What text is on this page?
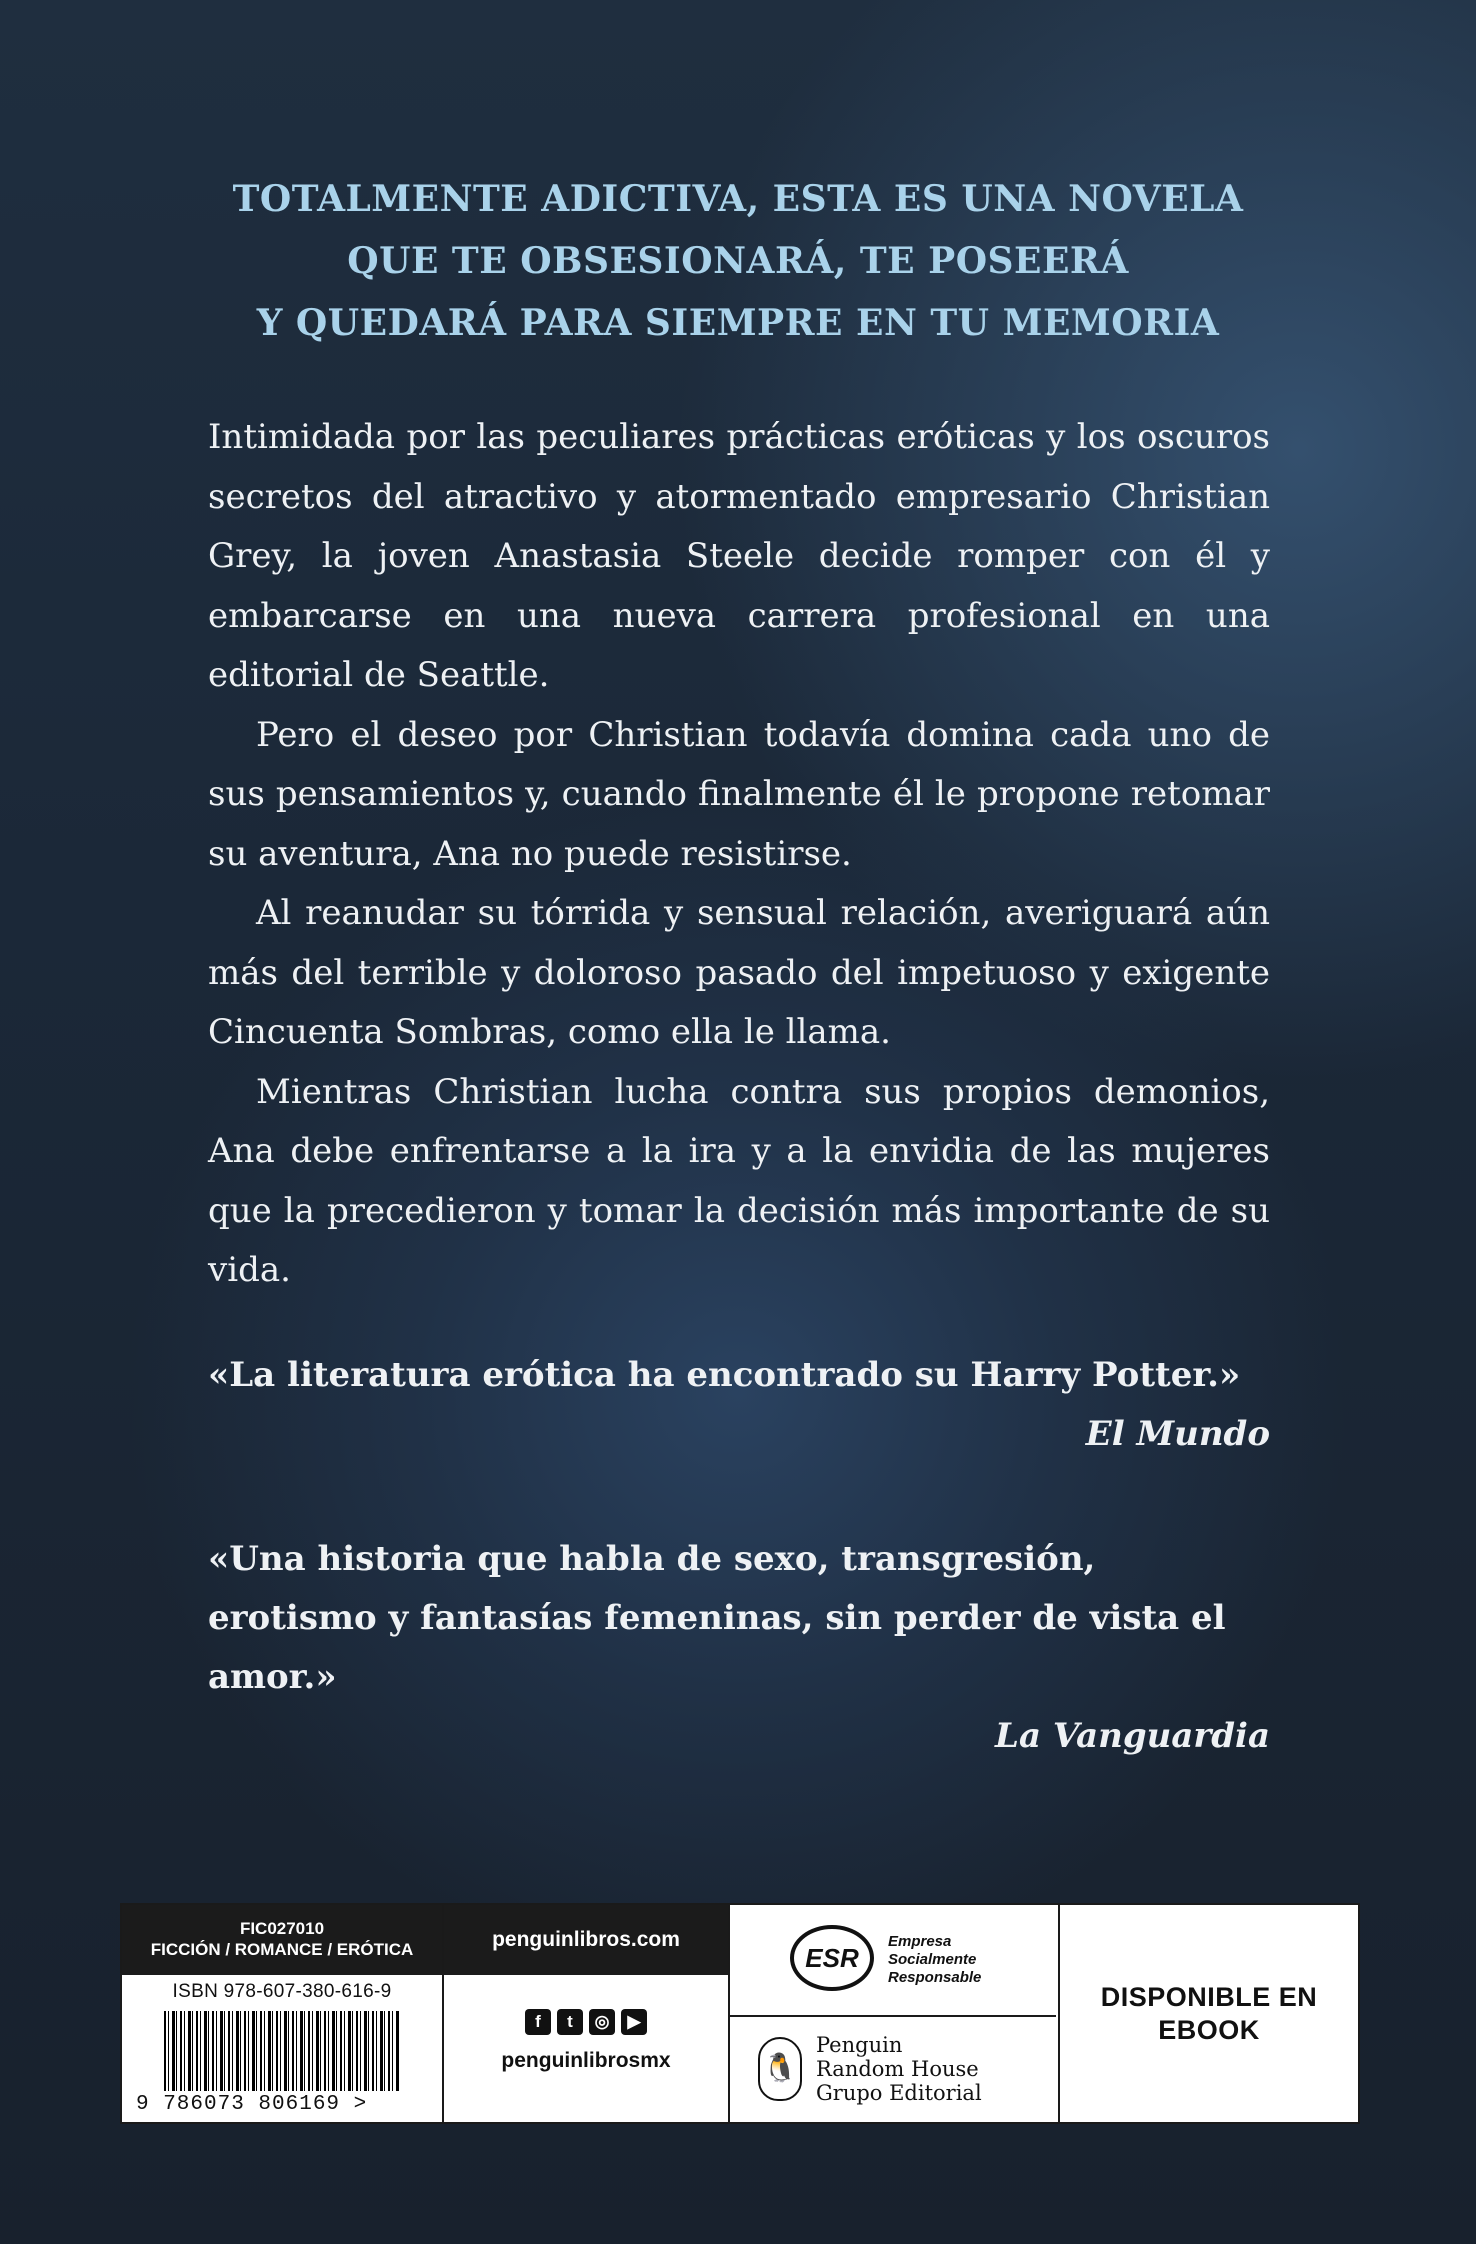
TOTALMENTE ADICTIVA, ESTA ES UNA NOVELA
QUE TE OBSESIONARÁ, TE POSEERÁ
Y QUEDARÁ PARA SIEMPRE EN TU MEMORIA

Intimidada por las peculiares prácticas eróticas y los oscuros secretos del atractivo y atormentado empresario Christian Grey, la joven Anastasia Steele decide romper con él y embarcarse en una nueva carrera profesional en una editorial de Seattle.

Pero el deseo por Christian todavía domina cada uno de sus pensamientos y, cuando finalmente él le propone retomar su aventura, Ana no puede resistirse.

Al reanudar su tórrida y sensual relación, averiguará aún más del terrible y doloroso pasado del impetuoso y exigente Cincuenta Sombras, como ella le llama.

Mientras Christian lucha contra sus propios demonios, Ana debe enfrentarse a la ira y a la envidia de las mujeres que la precedieron y tomar la decisión más importante de su vida.

«La literatura erótica ha encontrado su Harry Potter.»
El Mundo
«Una historia que habla de sexo, transgresión, erotismo y fantasías femeninas, sin perder de vista el amor.»
La Vanguardia
FIC027010
FICCIÓN / ROMANCE / ERÓTICA
ISBN 978-607-380-616-9
9 786073 806169 >
penguinlibros.com
f	t	◎	▶
penguinlibrosmx
ESR
Empresa
Socialmente
Responsable
🐧
Penguin
Random House
Grupo Editorial
DISPONIBLE EN
EBOOK
